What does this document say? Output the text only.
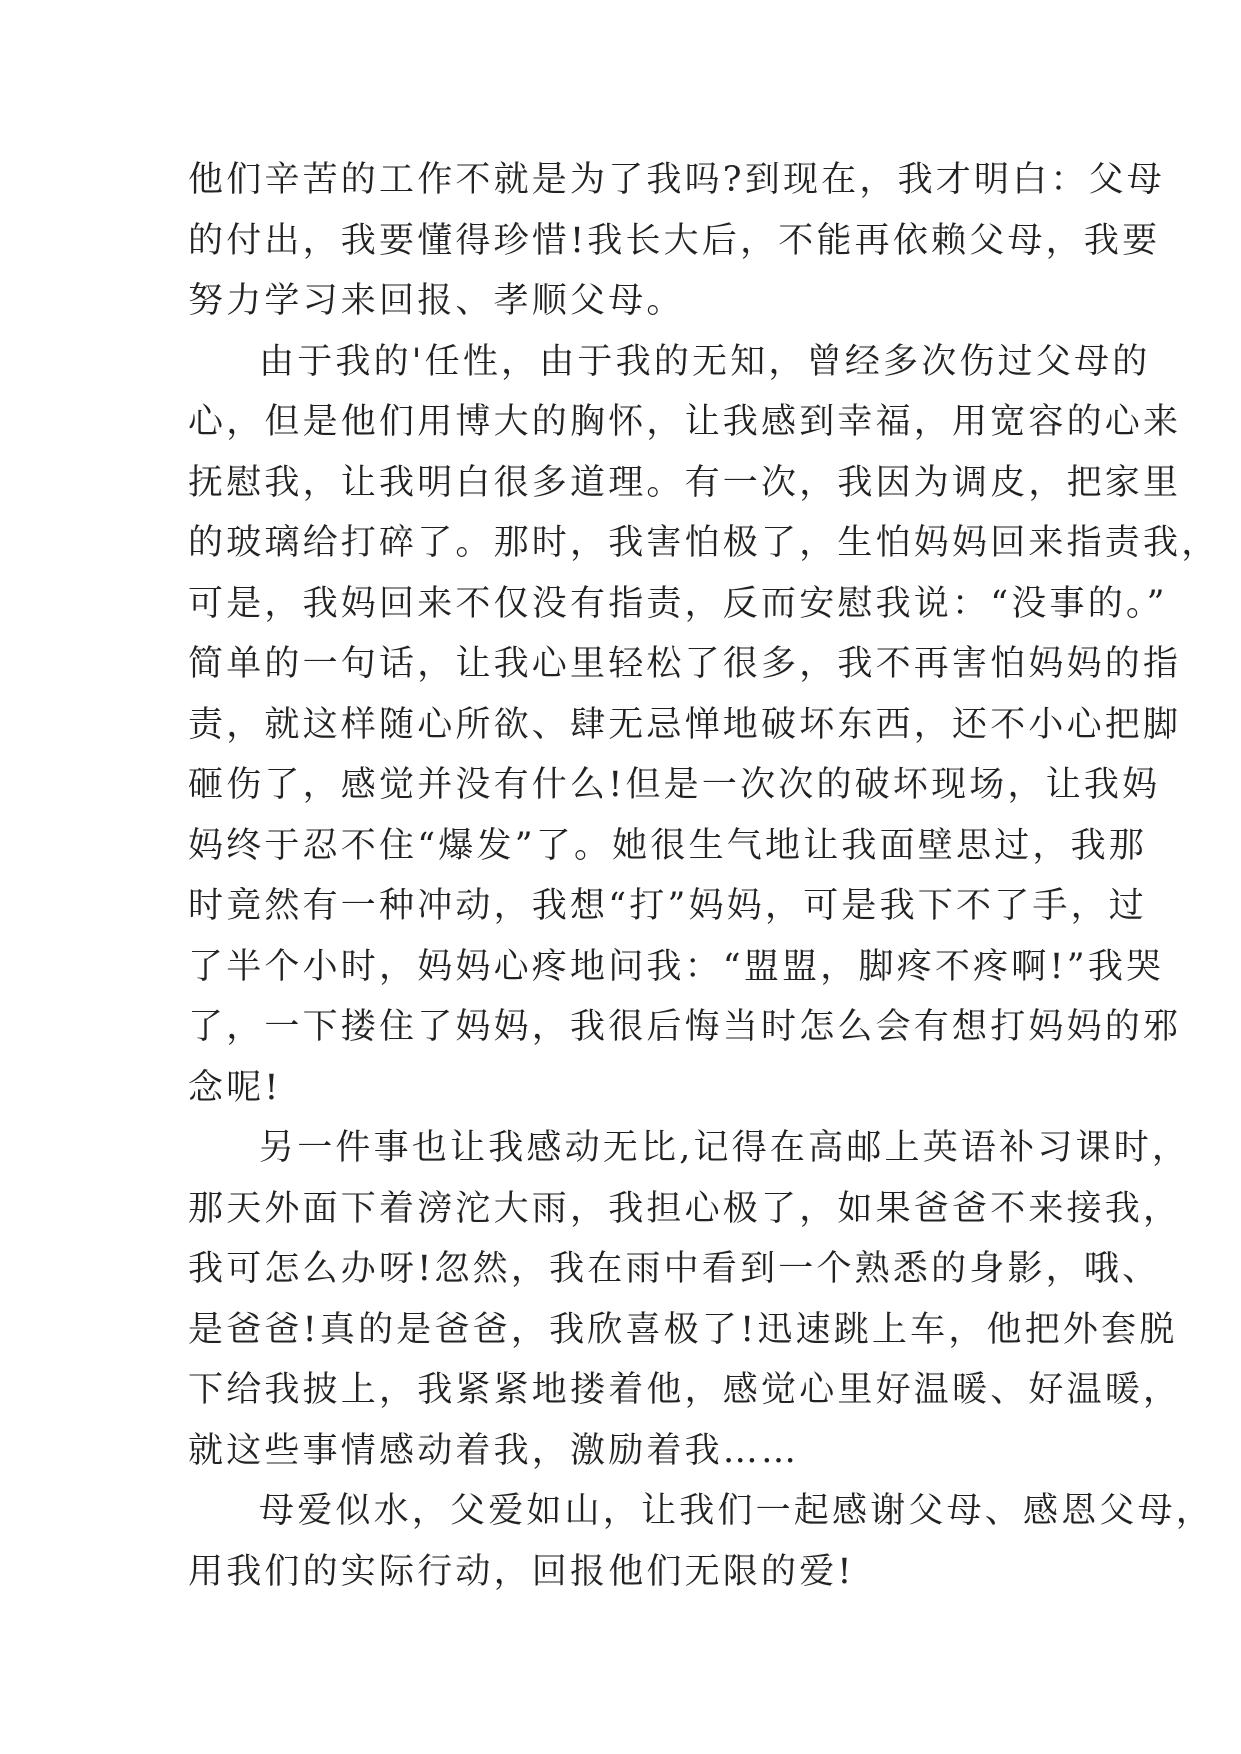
他们辛苦的工作不就是为了我吗?到现在，我才明白：父母
的付出，我要懂得珍惜!我长大后，不能再依赖父母，我要
努力学习来回报、孝顺父母。
由于我的'任性，由于我的无知，曾经多次伤过父母的
心，但是他们用博大的胸怀，让我感到幸福，用宽容的心来
抚慰我，让我明白很多道理。有一次，我因为调皮，把家里
的玻璃给打碎了。那时，我害怕极了，生怕妈妈回来指责我，
可是，我妈回来不仅没有指责，反而安慰我说：“没事的。”
简单的一句话，让我心里轻松了很多，我不再害怕妈妈的指
责，就这样随心所欲、肆无忌惮地破坏东西，还不小心把脚
砸伤了，感觉并没有什么!但是一次次的破坏现场，让我妈
妈终于忍不住“爆发”了。她很生气地让我面壁思过，我那
时竟然有一种冲动，我想“打”妈妈，可是我下不了手，过
了半个小时，妈妈心疼地问我：“盟盟，脚疼不疼啊!”我哭
了，一下搂住了妈妈，我很后悔当时怎么会有想打妈妈的邪
念呢!
另一件事也让我感动无比,记得在高邮上英语补习课时，
那天外面下着滂沱大雨，我担心极了，如果爸爸不来接我，
我可怎么办呀!忽然，我在雨中看到一个熟悉的身影，哦、
是爸爸!真的是爸爸，我欣喜极了!迅速跳上车，他把外套脱
下给我披上，我紧紧地搂着他，感觉心里好温暖、好温暖，
就这些事情感动着我，激励着我……
母爱似水，父爱如山，让我们一起感谢父母、感恩父母，
用我们的实际行动，回报他们无限的爱!
